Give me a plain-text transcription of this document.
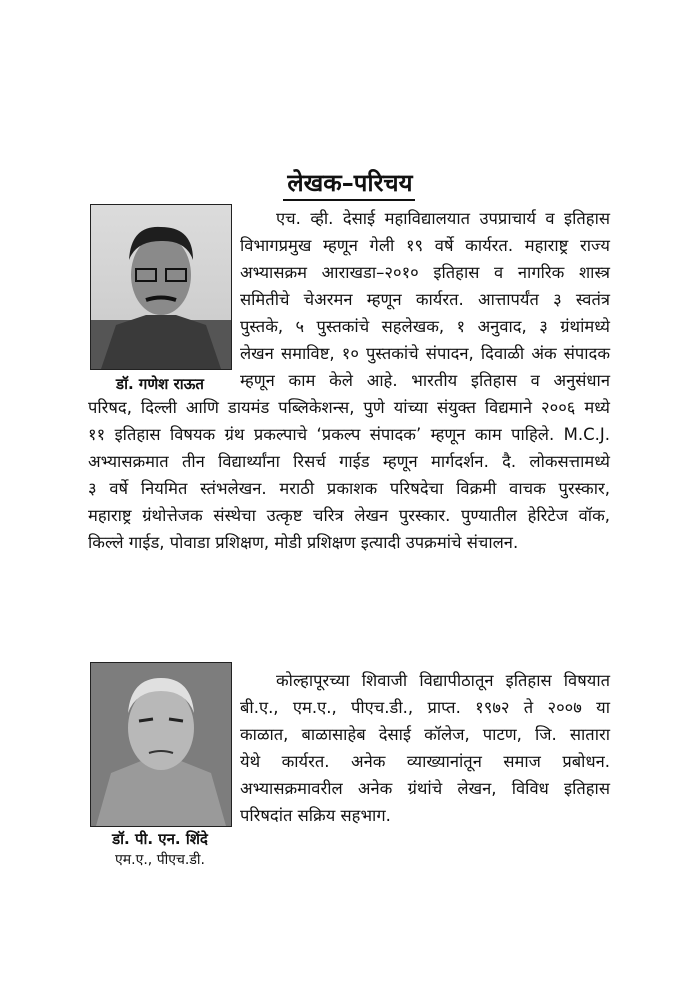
लेखक–परिचय
डॉ. गणेश राऊत
एच. व्ही. देसाई महाविद्यालयात उपप्राचार्य व इतिहास
विभागप्रमुख म्हणून गेली १९ वर्षे कार्यरत. महाराष्ट्र राज्य
अभ्यासक्रम आराखडा–२०१० इतिहास व नागरिक शास्त्र
समितीचे चेअरमन म्हणून कार्यरत. आत्तापर्यंत ३ स्वतंत्र
पुस्तके, ५ पुस्तकांचे सहलेखक, १ अनुवाद, ३ ग्रंथांमध्ये
लेखन समाविष्ट, १० पुस्तकांचे संपादन, दिवाळी अंक संपादक
म्हणून काम केले आहे. भारतीय इतिहास व अनुसंधान
परिषद, दिल्ली आणि डायमंड पब्लिकेशन्स, पुणे यांच्या संयुक्त विद्यमाने २००६ मध्ये
११ इतिहास विषयक ग्रंथ प्रकल्पाचे ‘प्रकल्प संपादक’ म्हणून काम पाहिले. M.C.J.
अभ्यासक्रमात तीन विद्यार्थ्यांना रिसर्च गाईड म्हणून मार्गदर्शन. दै. लोकसत्तामध्ये
३ वर्षे नियमित स्तंभलेखन. मराठी प्रकाशक परिषदेचा विक्रमी वाचक पुरस्कार,
महाराष्ट्र ग्रंथोत्तेजक संस्थेचा उत्कृष्ट चरित्र लेखन पुरस्कार. पुण्यातील हेरिटेज वॉक,
किल्ले गाईड, पोवाडा प्रशिक्षण, मोडी प्रशिक्षण इत्यादी उपक्रमांचे संचालन.
डॉ. पी. एन. शिंदे
एम.ए., पीएच.डी.
कोल्हापूरच्या शिवाजी विद्यापीठातून इतिहास विषयात
बी.ए., एम.ए., पीएच.डी., प्राप्त. १९७२ ते २००७ या
काळात, बाळासाहेब देसाई कॉलेज, पाटण, जि. सातारा
येथे कार्यरत. अनेक व्याख्यानांतून समाज प्रबोधन.
अभ्यासक्रमावरील अनेक ग्रंथांचे लेखन, विविध इतिहास
परिषदांत सक्रिय सहभाग.
